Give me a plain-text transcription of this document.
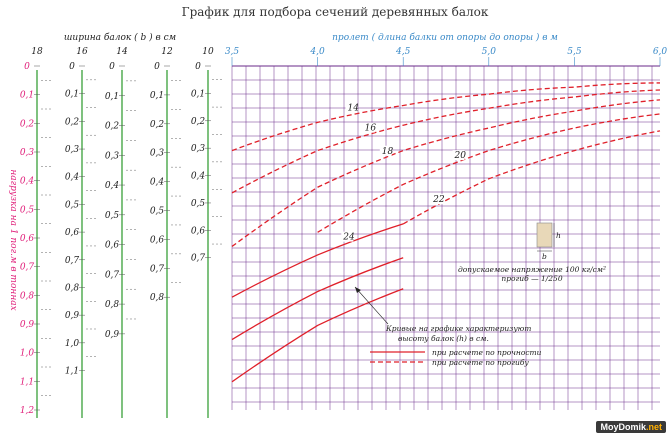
График для подбора сечений деревянных балок
ширина балок ( b ) в см	пролет ( длина балки от опоры до опоры ) в м
нагрузка на 1 пог.м в тоннах
18
0
0,1
0,2
0,3
0,4
0,5
0,6
0,7
0,8
0,9
1,0
1,1
1,2
16
0
0,1
0,2
0,3
0,4
0,5
0,6
0,7
0,8
0,9
1,0
1,1
14
0
0,1
0,2
0,3
0,4
0,5
0,6
0,7
0,8
0,9
12
0
0,1
0,2
0,3
0,4
0,5
0,6
0,7
0,8
10
0
0,1
0,2
0,3
0,4
0,5
0,6
0,7
3,5	4,0	4,5	5,0	5,5	6,0
14
16
18	20
22
24	h
b
допускаемое напряжение 100 кг/см²
прогиб — 1/250
Кривые на графике характеризуют
высоту балок (h) в см.
при расчете по прочности
при расчете по прогибу
MoyDomik.net
